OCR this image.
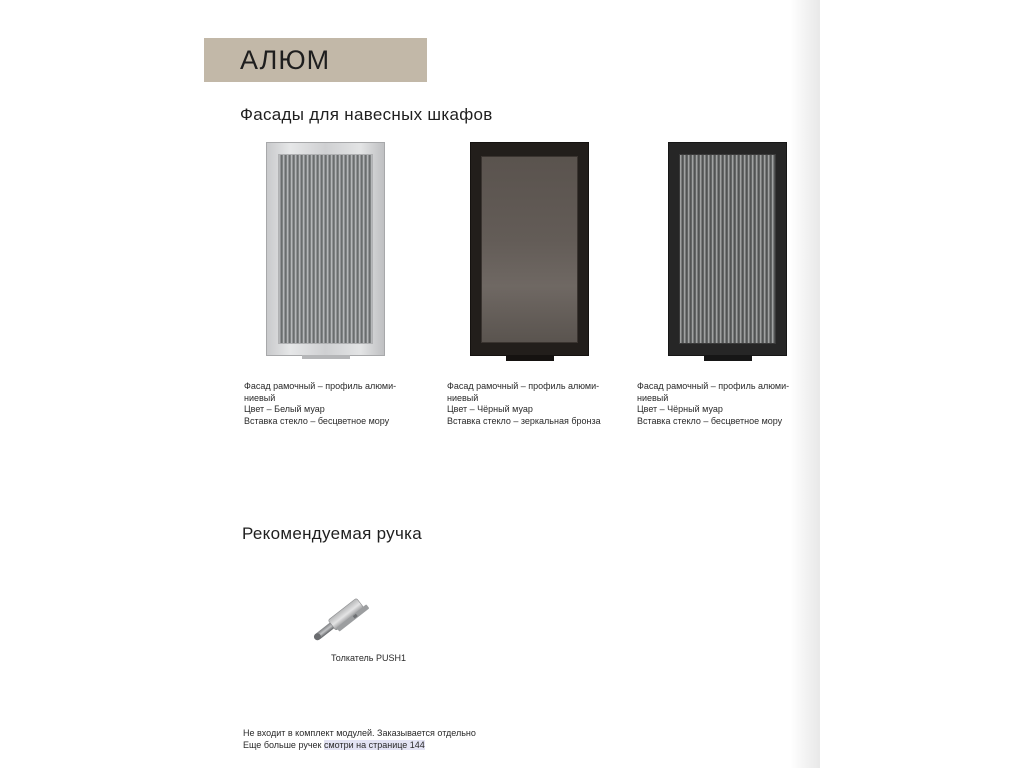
АЛЮМ
Фасады для навесных шкафов
Фасад рамочный – профиль алюми-
ниевый
Цвет – Белый муар
Вставка стекло – бесцветное мору
Фасад рамочный – профиль алюми-
ниевый
Цвет – Чёрный муар
Вставка стекло – зеркальная бронза
Фасад рамочный – профиль алюми-
ниевый
Цвет – Чёрный муар
Вставка стекло – бесцветное мору
Рекомендуемая ручка
Толкатель PUSH1
Не входит в комплект модулей. Заказывается отдельно
Еще больше ручек смотри на странице 144
